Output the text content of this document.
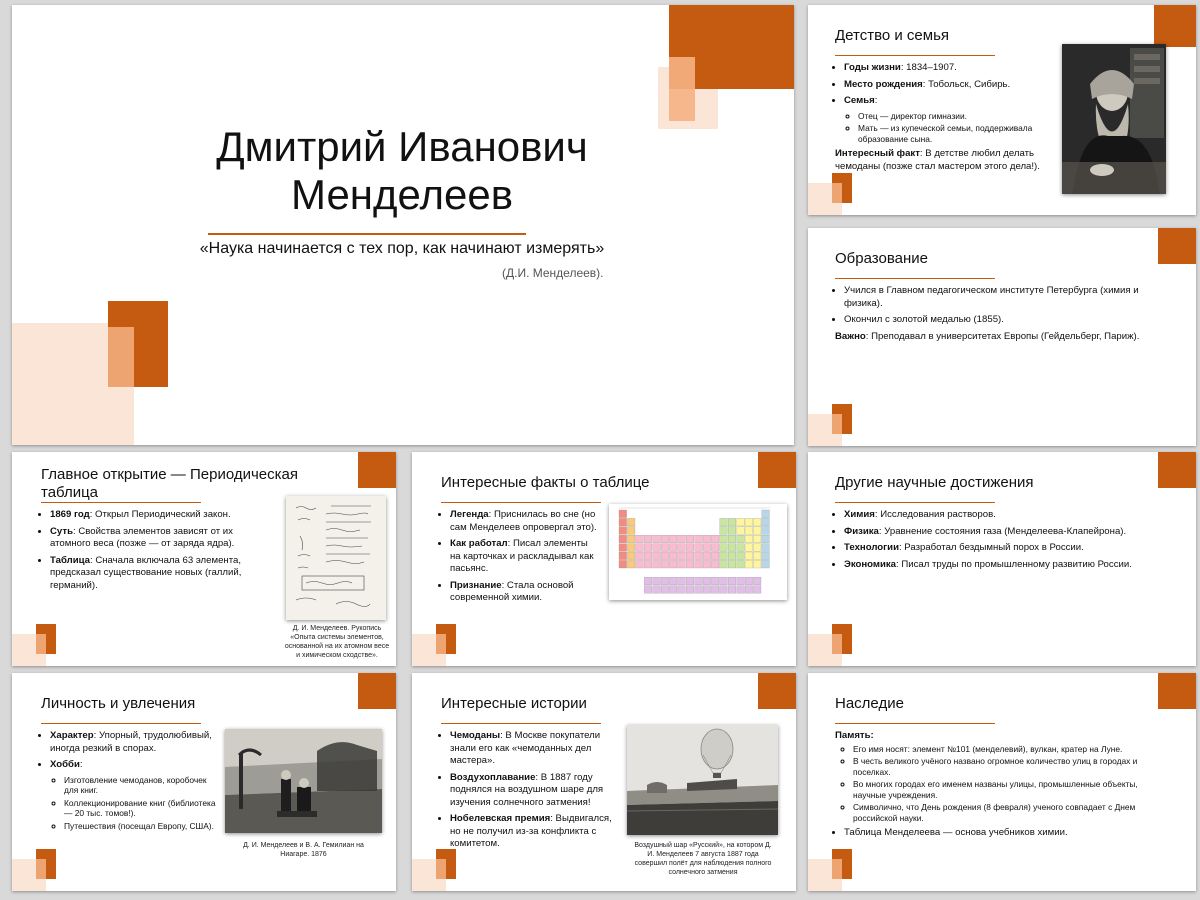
Дмитрий Иванович
Менделеев
«Наука начинается с тех пор, как начинают измерять»
(Д.И. Менделеев).
Детство и семья
• Годы жизни: 1834–1907.
• Место рождения: Тобольск, Сибирь.
• Семья:
◦ Отец — директор гимназии.
◦ Мать — из купеческой семьи, поддерживала образование сына.

Интересный факт: В детстве любил делать чемоданы (позже стал мастером этого дела!).

Образование
• Учился в Главном педагогическом институте Петербурга (химия и физика).
• Окончил с золотой медалью (1855).

Важно: Преподавал в университетах Европы (Гейдельберг, Париж).

Главное открытие — Периодическая таблица
• 1869 год: Открыл Периодический закон.
• Суть: Свойства элементов зависят от их атомного веса (позже — от заряда ядра).
• Таблица: Сначала включала 63 элемента, предсказал существование новых (галлий, германий).
Д. И. Менделеев. Рукопись «Опыта системы элементов, основанной на их атомном весе и химическом сходстве».
Интересные факты о таблице
• Легенда: Приснилась во сне (но сам Менделеев опровергал это).
• Как работал: Писал элементы на карточках и раскладывал как пасьянс.
• Признание: Стала основой современной химии.
Другие научные достижения
• Химия: Исследования растворов.
• Физика: Уравнение состояния газа (Менделеева-Клапейрона).
• Технологии: Разработал бездымный порох в России.
• Экономика: Писал труды по промышленному развитию России.
Личность и увлечения
• Характер: Упорный, трудолюбивый, иногда резкий в спорах.
• Хобби:
◦ Изготовление чемоданов, коробочек для книг.
◦ Коллекционирование книг (библиотека — 20 тыс. томов!).
◦ Путешествия (посещал Европу, США).
Д. И. Менделеев и В. А. Гемилиан на Ниагаре. 1876
Интересные истории
• Чемоданы: В Москве покупатели знали его как «чемоданных дел мастера».
• Воздухоплавание: В 1887 году поднялся на воздушном шаре для изучения солнечного затмения!
• Нобелевская премия: Выдвигался, но не получил из-за конфликта с комитетом.	Воздушный шар «Русский», на котором Д. И. Менделеев 7 августа 1887 года совершил полёт для наблюдения полного солнечного затмения
Наследие

Память:

◦ Его имя носят: элемент №101 (менделевий), вулкан, кратер на Луне.
◦ В честь великого учёного названо огромное количество улиц в городах и поселках.
◦ Во многих городах его именем названы улицы, промышленные объекты, научные учреждения.
◦ Символично, что День рождения (8 февраля) ученого совпадает с Днем российской науки.
• Таблица Менделеева — основа учебников химии.
